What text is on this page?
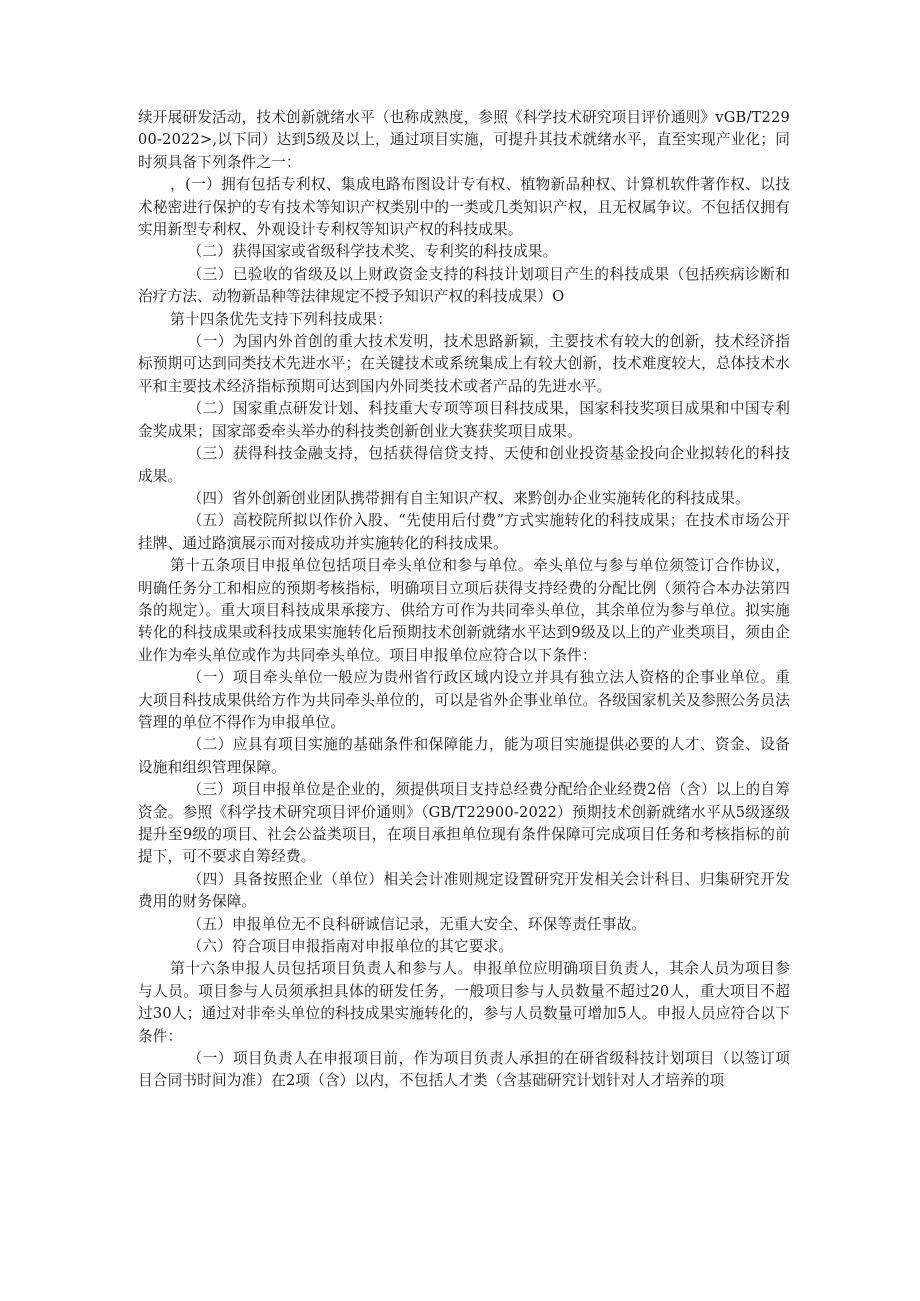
续开展研发活动，技术创新就绪水平（也称成熟度，参照《科学技术研究项目评价通则》vGB/T22900-2022>,以下同）达到5级及以上，通过项目实施，可提升其技术就绪水平，直至实现产业化；同时须具备下列条件之一：

，(一）拥有包括专利权、集成电路布图设计专有权、植物新品种权、计算机软件著作权、以技术秘密进行保护的专有技术等知识产权类别中的一类或几类知识产权，且无权属争议。不包括仅拥有实用新型专利权、外观设计专利权等知识产权的科技成果。

（二）获得国家或省级科学技术奖、专利奖的科技成果。

（三）已验收的省级及以上财政资金支持的科技计划项目产生的科技成果（包括疾病诊断和治疗方法、动物新品种等法律规定不授予知识产权的科技成果）O

第十四条优先支持下列科技成果：

（一）为国内外首创的重大技术发明，技术思路新颖，主要技术有较大的创新，技术经济指标预期可达到同类技术先进水平；在关键技术或系统集成上有较大创新，技术难度较大，总体技术水平和主要技术经济指标预期可达到国内外同类技术或者产品的先进水平。

（二）国家重点研发计划、科技重大专项等项目科技成果，国家科技奖项目成果和中国专利金奖成果；国家部委牵头举办的科技类创新创业大赛获奖项目成果。

（三）获得科技金融支持，包括获得信贷支持、天使和创业投资基金投向企业拟转化的科技成果。

（四）省外创新创业团队携带拥有自主知识产权、来黔创办企业实施转化的科技成果。

（五）高校院所拟以作价入股、“先使用后付费”方式实施转化的科技成果；在技术市场公开挂牌、通过路演展示而对接成功并实施转化的科技成果。

第十五条项目申报单位包括项目牵头单位和参与单位。牵头单位与参与单位须签订合作协议，明确任务分工和相应的预期考核指标，明确项目立项后获得支持经费的分配比例（须符合本办法第四条的规定）。重大项目科技成果承接方、供给方可作为共同牵头单位，其余单位为参与单位。拟实施转化的科技成果或科技成果实施转化后预期技术创新就绪水平达到9级及以上的产业类项目，须由企业作为牵头单位或作为共同牵头单位。项目申报单位应符合以下条件：

（一）项目牵头单位一般应为贵州省行政区域内设立并具有独立法人资格的企事业单位。重大项目科技成果供给方作为共同牵头单位的，可以是省外企事业单位。各级国家机关及参照公务员法管理的单位不得作为申报单位。

（二）应具有项目实施的基础条件和保障能力，能为项目实施提供必要的人才、资金、设备设施和组织管理保障。

（三）项目申报单位是企业的，须提供项目支持总经费分配给企业经费2倍（含）以上的自筹资金。参照《科学技术研究项目评价通则》（GB/T22900-2022）预期技术创新就绪水平从5级逐级提升至9级的项目、社会公益类项目，在项目承担单位现有条件保障可完成项目任务和考核指标的前提下，可不要求自筹经费。

（四）具备按照企业（单位）相关会计准则规定设置研究开发相关会计科目、归集研究开发费用的财务保障。

（五）申报单位无不良科研诚信记录，无重大安全、环保等责任事故。

（六）符合项目申报指南对申报单位的其它要求。

第十六条申报人员包括项目负责人和参与人。申报单位应明确项目负责人，其余人员为项目参与人员。项目参与人员须承担具体的研发任务，一般项目参与人员数量不超过20人，重大项目不超过30人；通过对非牵头单位的科技成果实施转化的，参与人员数量可增加5人。申报人员应符合以下条件：

（一）项目负责人在申报项目前，作为项目负责人承担的在研省级科技计划项目（以签订项目合同书时间为准）在2项（含）以内，不包括人才类（含基础研究计划针对人才培养的项
